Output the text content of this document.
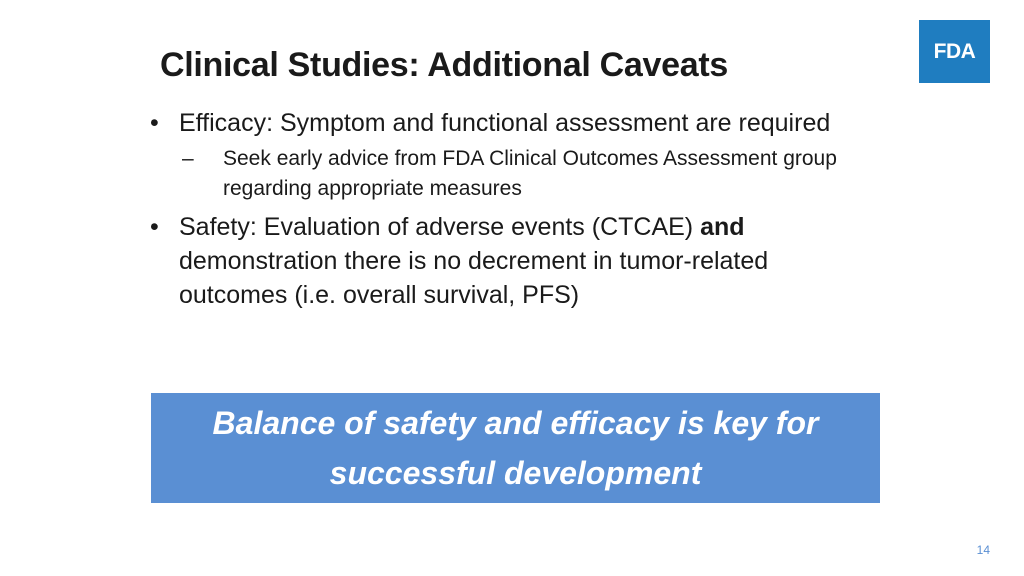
Clinical Studies: Additional Caveats	FDA

• Efficacy: Symptom and functional assessment are required

– Seek early advice from FDA Clinical Outcomes Assessment group regarding appropriate measures

• Safety: Evaluation of adverse events (CTCAE) and demonstration there is no decrement in tumor-related outcomes (i.e. overall survival, PFS)

Balance of safety and efficacy is key for successful development
14
